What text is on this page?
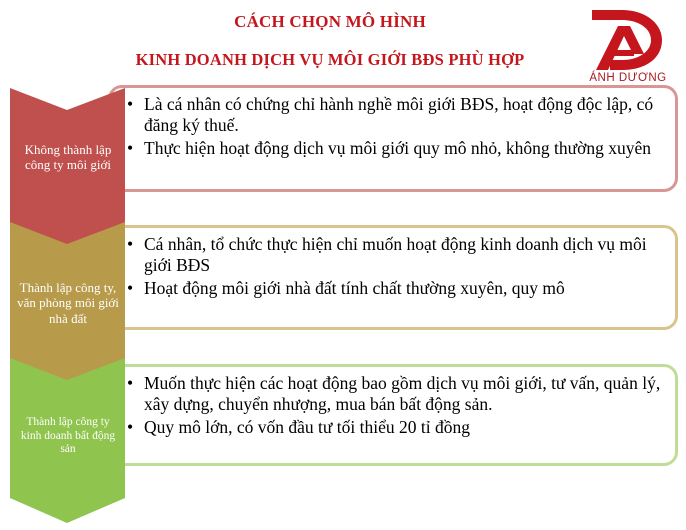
CÁCH CHỌN MÔ HÌNH
KINH DOANH DỊCH VỤ MÔI GIỚI BĐS PHÙ HỢP
ÁNH DƯƠNG
• Là cá nhân có chứng chỉ hành nghề môi giới BĐS, hoạt động độc lập, có đăng ký thuế.
• Thực hiện hoạt động dịch vụ môi giới quy mô nhỏ, không thường xuyên
Không thành lập công ty môi giới
• Cá nhân, tổ chức thực hiện chỉ muốn hoạt động kinh doanh dịch vụ môi giới BĐS
• Hoạt động môi giới nhà đất tính chất thường xuyên, quy mô
Thành lập công ty, văn phòng môi giới nhà đất
• Muốn thực hiện các hoạt động bao gồm dịch vụ môi giới, tư vấn, quản lý, xây dựng, chuyển nhượng, mua bán bất động sản.
• Quy mô lớn, có vốn đầu tư tối thiểu 20 tỉ đồng
Thành lập công ty kinh doanh bất động sản
